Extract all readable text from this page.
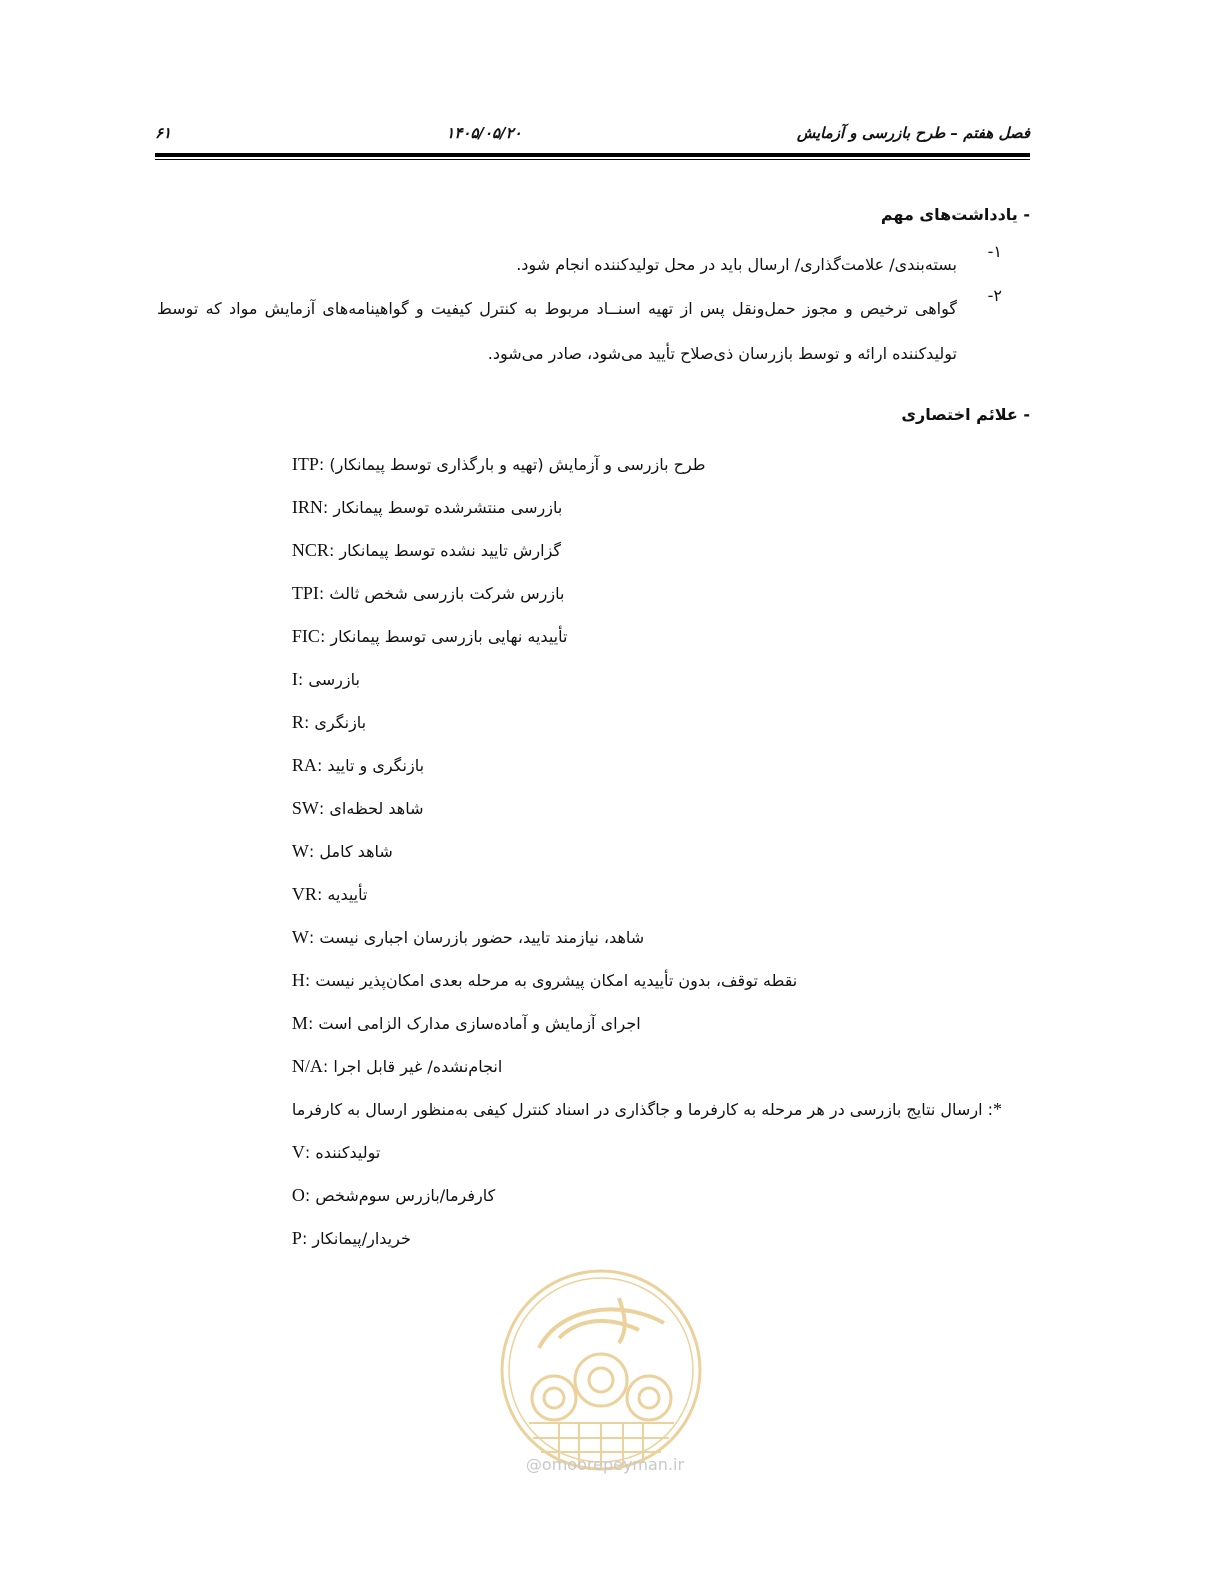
۶۱	۱۴۰۵/۰۵/۲۰	فصل هفتم – طرح بازرسی و آزمایش
- یادداشت‌های مهم
۱-
بسته‌بندی/ علامت‌گذاری/ ارسال باید در محل تولیدکننده انجام شود.
۲-
گواهی ترخیص و مجوز حمل‌ونقل پس از تهیه اسنــاد مربوط به کنترل کیفیت و گواهینامه‌های آزمایش مواد که توسط تولیدکننده ارائه و توسط بازرسان ذی‌صلاح تأیید می‌شود، صادر می‌شود.
- علائم اختصاری
ITP: طرح بازرسی و آزمایش (تهیه و بارگذاری توسط پیمانکار)
IRN: بازرسی منتشرشده توسط پیمانکار
NCR: گزارش تایید نشده توسط پیمانکار
TPI: بازرس شرکت بازرسی شخص ثالث
FIC: تأییدیه نهایی بازرسی توسط پیمانکار
I: بازرسی
R: بازنگری
RA: بازنگری و تایید
SW: شاهد لحظه‌ای
W: شاهد کامل
VR: تأییدیه
W: شاهد، نیازمند تایید، حضور بازرسان اجباری نیست
H: نقطه توقف، بدون تأییدیه امکان پیشروی به مرحله بعدی امکان‌پذیر نیست
M: اجرای آزمایش و آماده‌سازی مدارک الزامی است
N/A: انجام‌نشده/ غیر قابل اجرا
*: ارسال نتایج بازرسی در هر مرحله به کارفرما و جاگذاری در اسناد کنترل کیفی به‌منظور ارسال به کارفرما
V: تولیدکننده
O: کارفرما/بازرس سوم‌شخص
P: خریدار/پیمانکار
@omoorepeyman.ir
